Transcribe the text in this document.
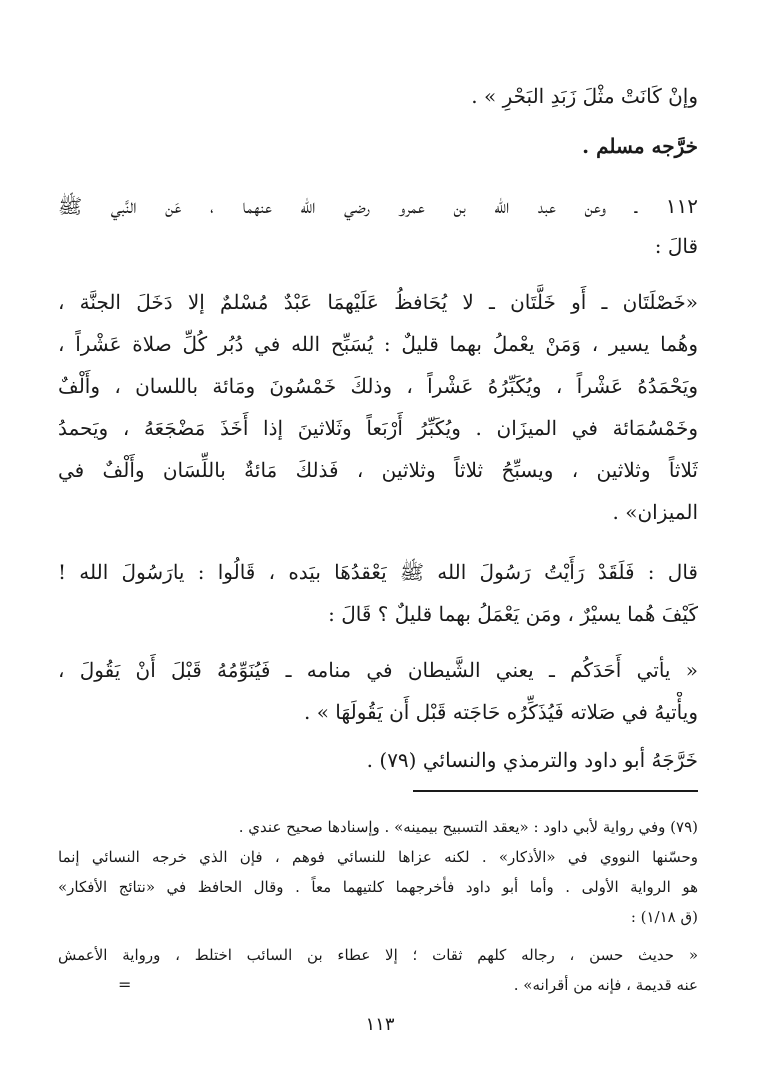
وإنْ كَانَتْ مثْلَ زَبَدِ البَحْرِ » .
خرَّجه مسلم .
١١٢ ـ وعن عبد الله بن عمرو رضي الله عنهما ، عَن النَّبي ﷺ
قالَ :
«خَصْلَتَان ـ أَو خَلَّتَان ـ لا يُحَافظُ عَلَيْهمَا عَبْدٌ مُسْلمٌ إلا دَخَلَ الجنَّة ،
وهُما يسير ، وَمَنْ يعْملُ بهما قليلٌ : يُسَبِّح الله في دُبُر كُلِّ صلاة عَشْراً ،
ويَحْمَدُهُ عَشْراً ، ويُكَبِّرُهُ عَشْراً ، وذلكَ خَمْسُونَ ومَائة باللسان ، وأَلْفٌ
وخَمْسُمَائة في الميزَان . ويُكَبِّرُ أَرْبَعاً وثَلاثينَ إذا أَخَذَ مَضْجَعَهُ ، ويَحمدُ
ثَلاثاً وثلاثين ، ويسبِّحُ ثلاثاً وثلاثين ، فَذلكَ مَائةٌ باللِّسَان وأَلْفٌ في
الميزان» .
قال : فَلَقَدْ رَأَيْتُ رَسُولَ الله ﷺ يَعْقدُهَا بيَده ، قَالُوا : يارَسُولَ الله !
كَيْفَ هُما يسيْرٌ ، ومَن يَعْمَلُ بهما قليلٌ ؟ قَالَ :
« يأتي أَحَدَكُم ـ يعني الشَّيطان في منامه ـ فَيُنَوِّمُهُ قَبْلَ أَنْ يَقُولَ ،
ويأْتيهُ في صَلاته فَيُذَكِّرُه حَاجَته قَبْل أَن يَقُولَهَا » .
خَرَّجَهُ أبو داود والترمذي والنسائي (٧٩) .
(٧٩) وفي رواية لأبي داود : «يعقد التسبيح بيمينه» . وإسنادها صحيح عندي .
وحسّنها النووي في «الأذكار» . لكنه عزاها للنسائي فوهم ، فإن الذي خرجه النسائي إنما
هو الرواية الأولى . وأما أبو داود فأخرجهما كلتيهما معاً . وقال الحافظ في «نتائج الأفكار»
(ق ١/١٨) :
« حديث حسن ، رجاله كلهم ثقات ؛ إلا عطاء بن السائب اختلط ، ورواية الأعمش
عنه قديمة ، فإنه من أقرانه» .
=
١١٣
